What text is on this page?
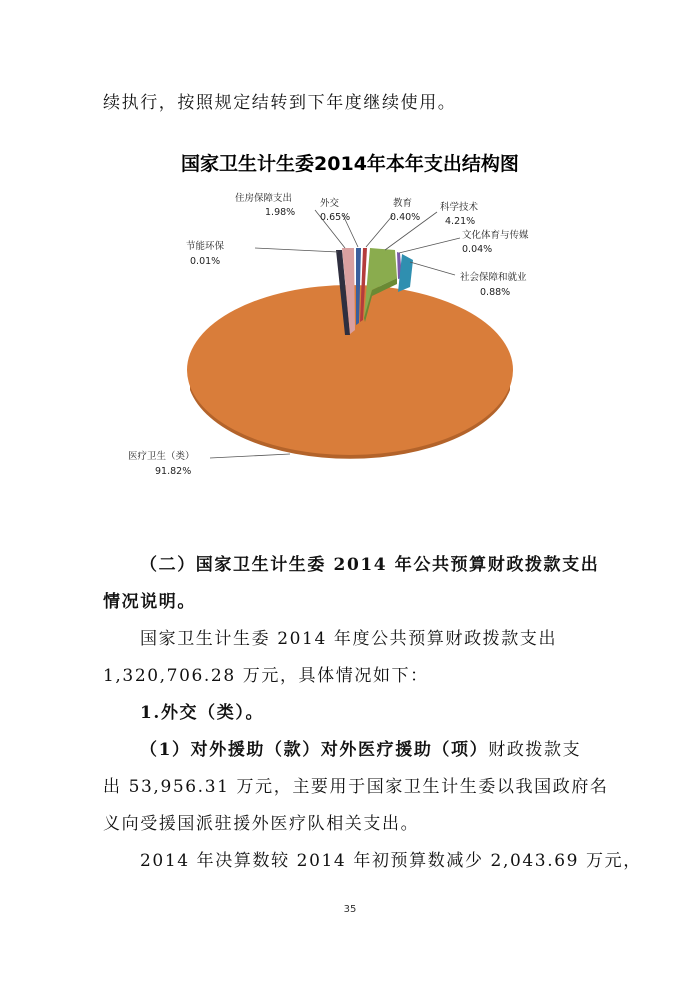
续执行，按照规定结转到下年度继续使用。
国家卫生计生委2014年本年支出结构图
住房保障支出
1.98%
外交
0.65%
教育
0.40%
科学技术
4.21%
文化体育与传媒
0.04%
节能环保
0.01%
社会保障和就业
0.88%
医疗卫生（类）
91.82%
（二）国家卫生计生委 2014 年公共预算财政拨款支出
情况说明。
国家卫生计生委 2014 年度公共预算财政拨款支出
1,320,706.28 万元，具体情况如下：
1.外交（类）。
（1）对外援助（款）对外医疗援助（项）财政拨款支
出 53,956.31 万元，主要用于国家卫生计生委以我国政府名
义向受援国派驻援外医疗队相关支出。
2014 年决算数较 2014 年初预算数减少 2,043.69 万元，
35
